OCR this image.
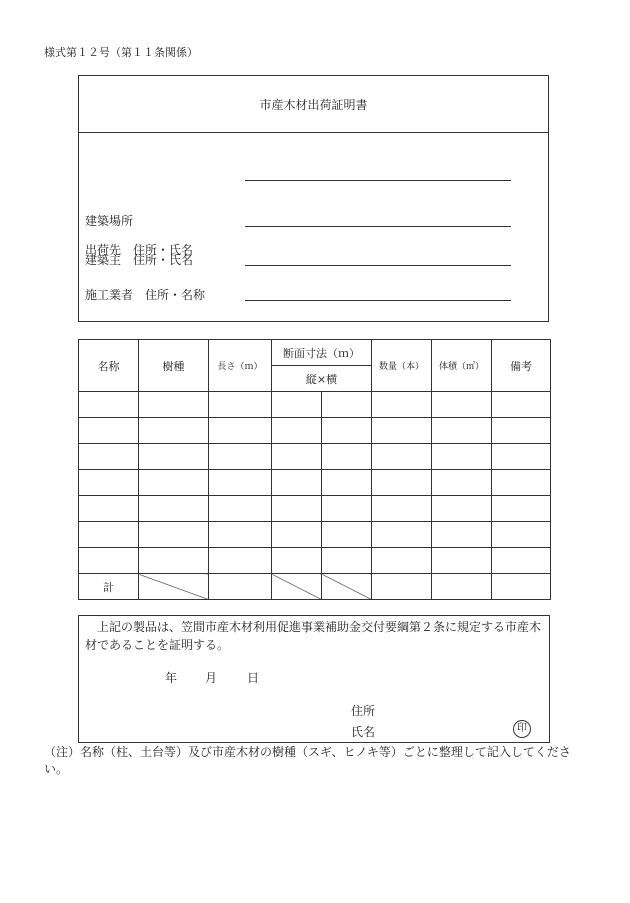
様式第１２号（第１１条関係）
市産木材出荷証明書
出荷先　住所・氏名
建築場所
建築主　住所・氏名
施工業者　住所・名称
名称	樹種	長さ（ｍ）	断面寸法（ｍ）		数量（本）	体積（㎥）	備考
			縦×横				

計							
上記の製品は、笠間市産木材利用促進事業補助金交付要綱第２条に規定する市産木材であることを証明する。
年 月 日
住所
氏名	印
（注）名称（柱、土台等）及び市産木材の樹種（スギ、ヒノキ等）ごとに整理して記入してください。
